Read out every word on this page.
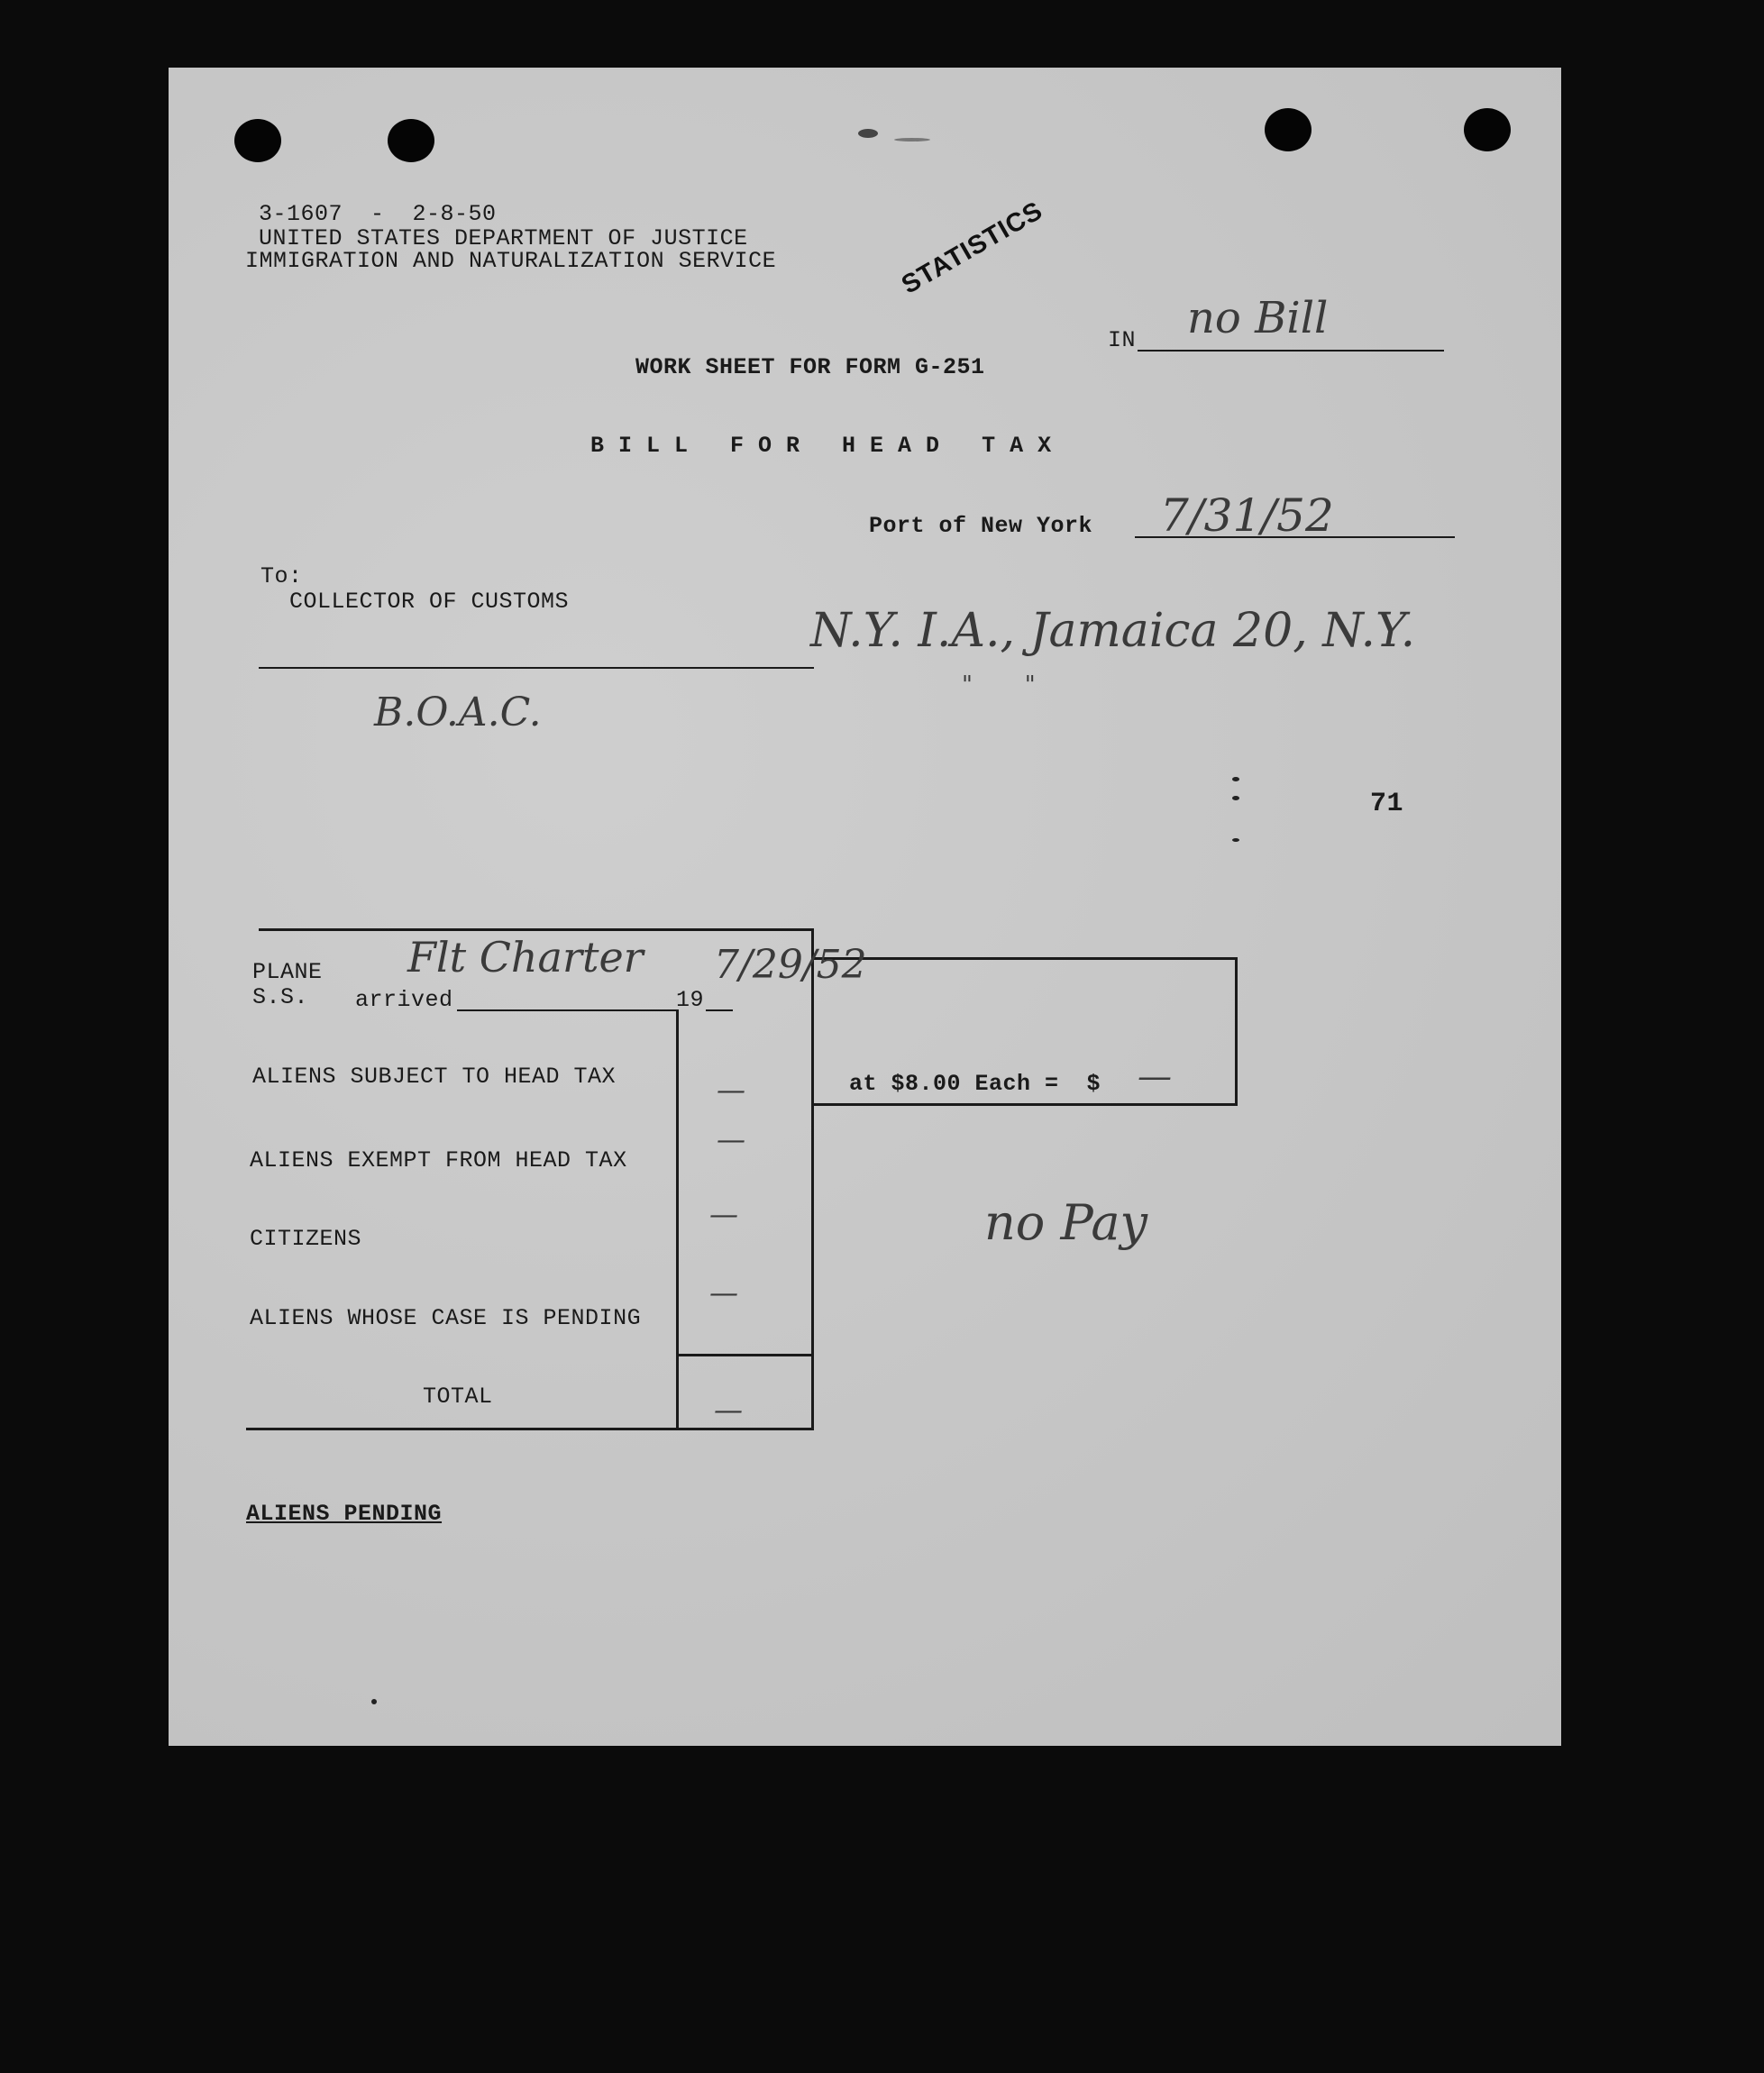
3-1607  -  2-8-50
UNITED STATES DEPARTMENT OF JUSTICE
IMMIGRATION AND NATURALIZATION SERVICE	STATISTICS
IN no Bill
WORK SHEET FOR FORM G-251
B I L L   F O R   H E A D   T A X
Port of New York 7/31/52
To:
COLLECTOR OF CUSTOMS
N.Y. I.A., Jamaica 20, N.Y.
"       "
B.O.A.C.
71
PLANE
S.S. arrived	19
Flt Charter 7/29/52
ALIENS SUBJECT TO HEAD TAX
ALIENS EXEMPT FROM HEAD TAX
CITIZENS
ALIENS WHOSE CASE IS PENDING
TOTAL
—
—
—
—
—
at $8.00 Each =  $ —
no Pay
ALIENS PENDING
